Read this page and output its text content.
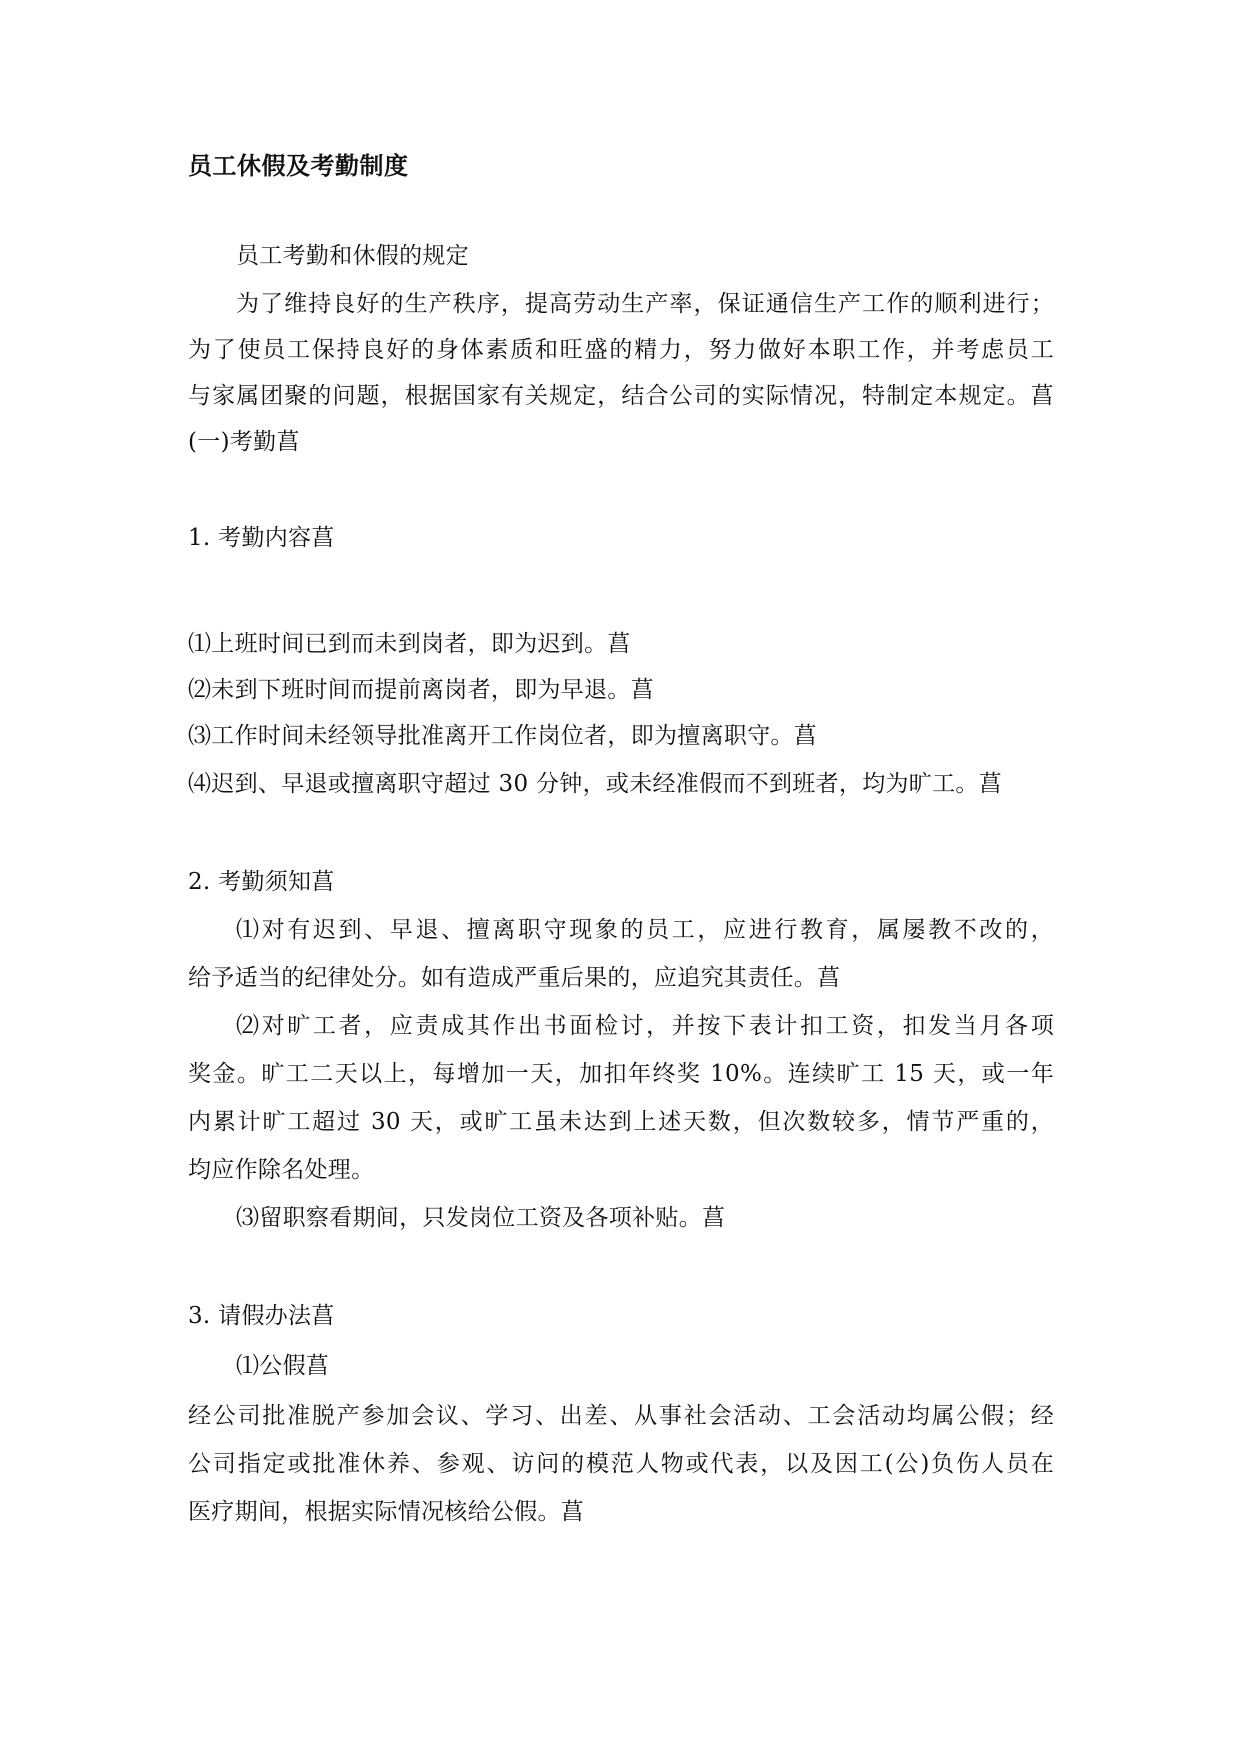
员工休假及考勤制度
员工考勤和休假的规定
为了维持良好的生产秩序，提高劳动生产率，保证通信生产工作的顺利进行；
为了使员工保持良好的身体素质和旺盛的精力，努力做好本职工作，并考虑员工
与家属团聚的问题，根据国家有关规定，结合公司的实际情况，特制定本规定。菖
(一)考勤菖
1. 考勤内容菖
⑴上班时间已到而未到岗者，即为迟到。菖
⑵未到下班时间而提前离岗者，即为早退。菖
⑶工作时间未经领导批准离开工作岗位者，即为擅离职守。菖
⑷迟到、早退或擅离职守超过 30 分钟，或未经准假而不到班者，均为旷工。菖
2. 考勤须知菖
⑴对有迟到、早退、擅离职守现象的员工，应进行教育，属屡教不改的，
给予适当的纪律处分。如有造成严重后果的，应追究其责任。菖
⑵对旷工者，应责成其作出书面检讨，并按下表计扣工资，扣发当月各项
奖金。旷工二天以上，每增加一天，加扣年终奖 10%。连续旷工 15 天，或一年
内累计旷工超过 30 天，或旷工虽未达到上述天数，但次数较多，情节严重的，
均应作除名处理。
⑶留职察看期间，只发岗位工资及各项补贴。菖
3. 请假办法菖
⑴公假菖
经公司批准脱产参加会议、学习、出差、从事社会活动、工会活动均属公假；经
公司指定或批准休养、参观、访问的模范人物或代表，以及因工(公)负伤人员在
医疗期间，根据实际情况核给公假。菖
